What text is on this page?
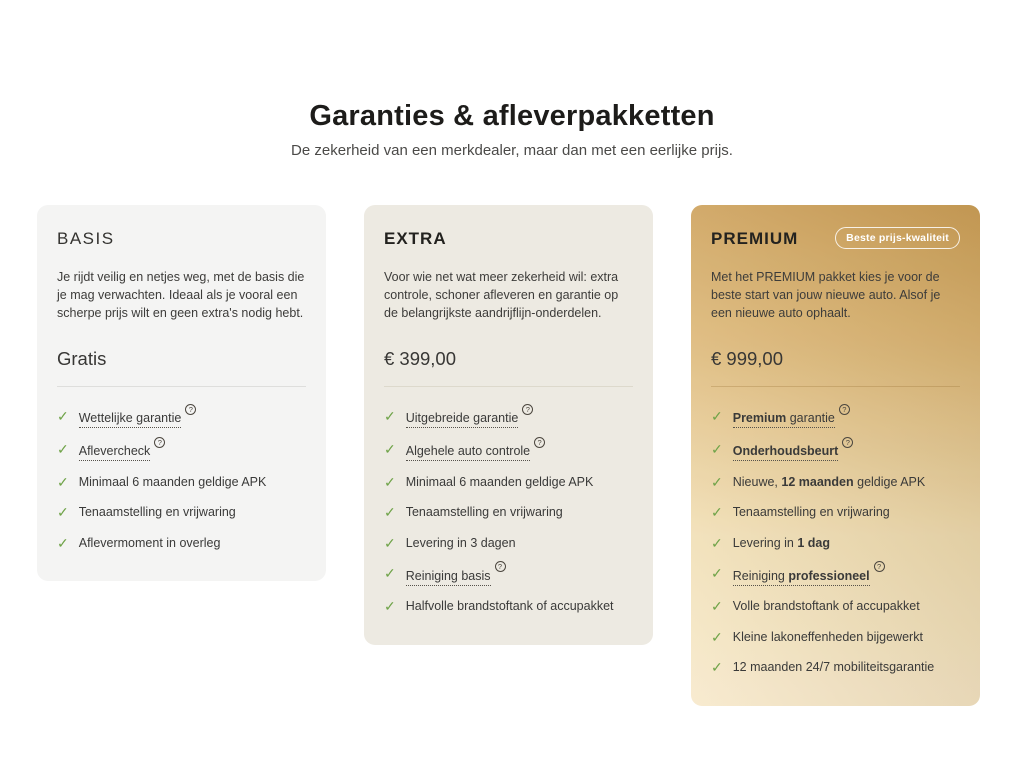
Garanties & afleverpakketten

De zekerheid van een merkdealer, maar dan met een eerlijke prijs.

BASIS

Je rijdt veilig en netjes weg, met de basis die je mag verwachten. Ideaal als je vooral een scherpe prijs wilt en geen extra's nodig hebt.

Gratis
✓ Wettelijke garantie?
✓ Aflevercheck?
✓ Minimaal 6 maanden geldige APK
✓ Tenaamstelling en vrijwaring
✓ Aflevermoment in overleg
EXTRA

Voor wie net wat meer zekerheid wil: extra controle, schoner afleveren en garantie op de belangrijkste aandrijflijn-onderdelen.

€ 399,00
✓ Uitgebreide garantie?
✓ Algehele auto controle?
✓ Minimaal 6 maanden geldige APK
✓ Tenaamstelling en vrijwaring
✓ Levering in 3 dagen
✓ Reiniging basis?
✓ Halfvolle brandstoftank of accupakket
PREMIUM	Beste prijs-kwaliteit

Met het PREMIUM pakket kies je voor de beste start van jouw nieuwe auto. Alsof je een nieuwe auto ophaalt.

€ 999,00
✓ Premium garantie?
✓ Onderhoudsbeurt?
✓ Nieuwe, 12 maanden geldige APK
✓ Tenaamstelling en vrijwaring
✓ Levering in 1 dag
✓ Reiniging professioneel?
✓ Volle brandstoftank of accupakket
✓ Kleine lakoneffenheden bijgewerkt
✓ 12 maanden 24/7 mobiliteitsgarantie
